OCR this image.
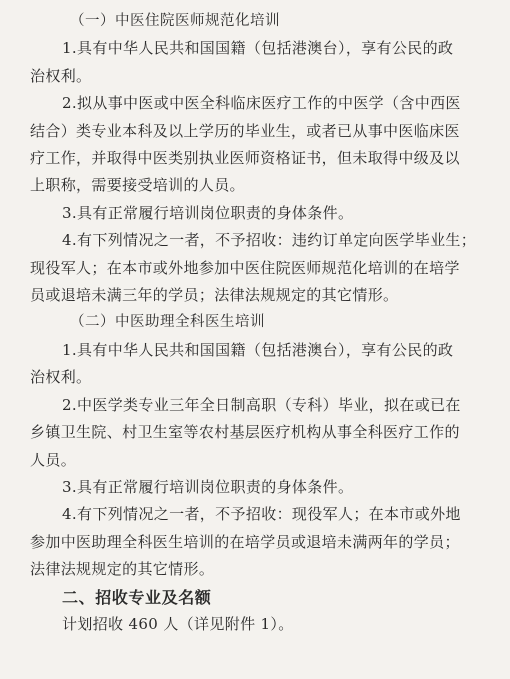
（一）中医住院医师规范化培训

1.具有中华人民共和国国籍（包括港澳台），享有公民的政

治权利。

2.拟从事中医或中医全科临床医疗工作的中医学（含中西医

结合）类专业本科及以上学历的毕业生，或者已从事中医临床医

疗工作，并取得中医类别执业医师资格证书，但未取得中级及以

上职称，需要接受培训的人员。

3.具有正常履行培训岗位职责的身体条件。

4.有下列情况之一者，不予招收：违约订单定向医学毕业生；

现役军人；在本市或外地参加中医住院医师规范化培训的在培学

员或退培未满三年的学员；法律法规规定的其它情形。

（二）中医助理全科医生培训

1.具有中华人民共和国国籍（包括港澳台），享有公民的政

治权利。

2.中医学类专业三年全日制高职（专科）毕业，拟在或已在

乡镇卫生院、村卫生室等农村基层医疗机构从事全科医疗工作的

人员。

3.具有正常履行培训岗位职责的身体条件。

4.有下列情况之一者，不予招收：现役军人；在本市或外地

参加中医助理全科医生培训的在培学员或退培未满两年的学员；

法律法规规定的其它情形。

二、招收专业及名额

计划招收 460 人（详见附件 1）。
